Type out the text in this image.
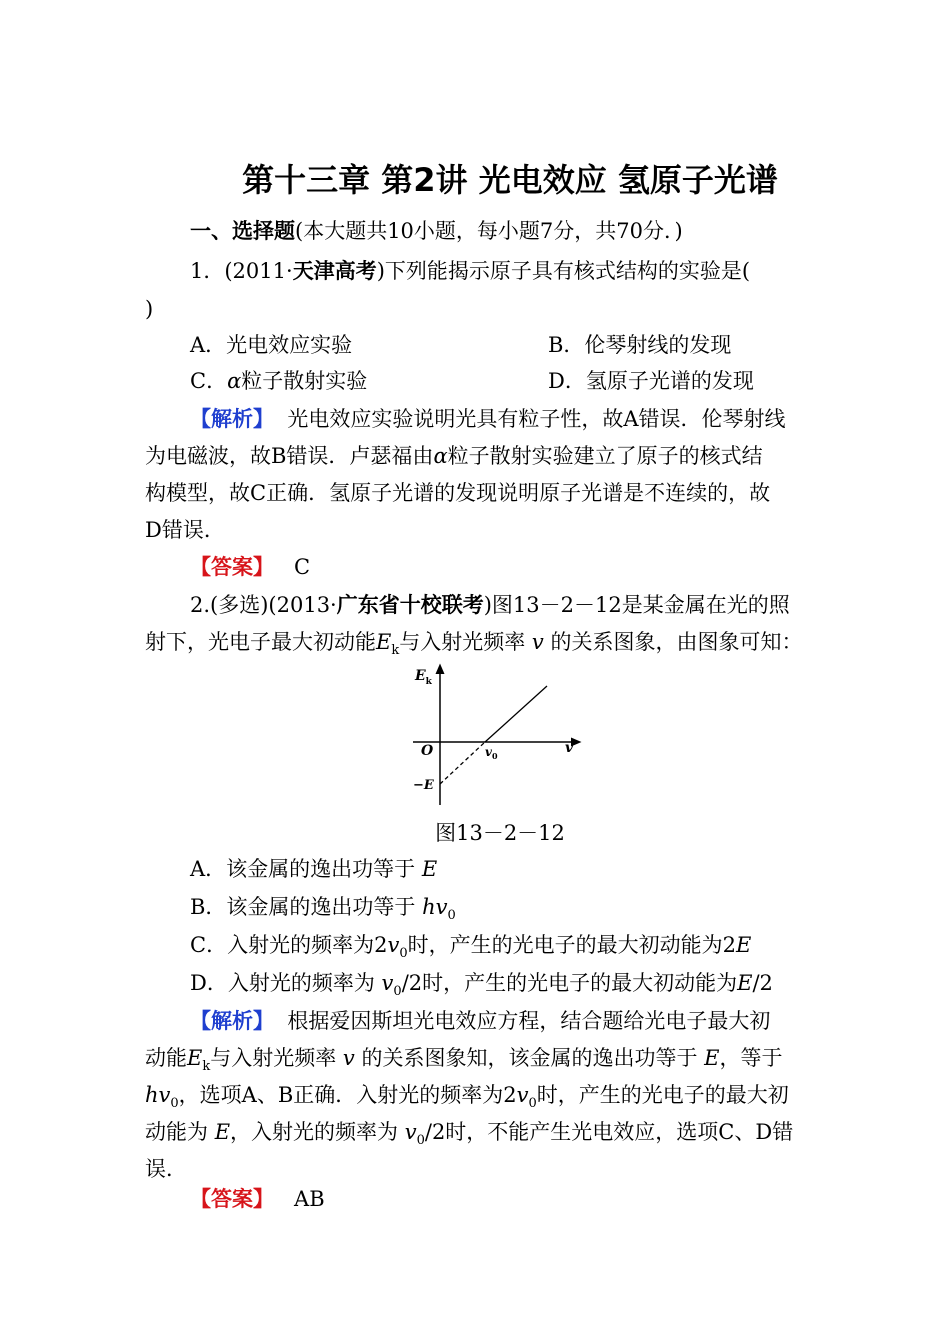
第十三章 第2讲 光电效应 氢原子光谱
一、选择题(本大题共10小题，每小题7分，共70分．)
1．(2011·天津高考)下列能揭示原子具有核式结构的实验是(
)
A．光电效应实验	B．伦琴射线的发现
C．α粒子散射实验	D．氢原子光谱的发现
【解析】 光电效应实验说明光具有粒子性，故A错误．伦琴射线
为电磁波，故B错误．卢瑟福由α粒子散射实验建立了原子的核式结
构模型，故C正确．氢原子光谱的发现说明原子光谱是不连续的，故
D错误．
【答案】 C
2.(多选)(2013·广东省十校联考)图13－2－12是某金属在光的照
射下，光电子最大初动能$E_k$与入射光频率 v 的关系图象，由图象可知：
$E_k$
O	v
$v_0$
−E
图13－2－12
A．该金属的逸出功等于 E
B．该金属的逸出功等于 $hv_0$
C．入射光的频率为$2v_0$时，产生的光电子的最大初动能为2E
D．入射光的频率为 $v_0/2$时，产生的光电子的最大初动能为E/2
【解析】 根据爱因斯坦光电效应方程，结合题给光电子最大初
动能$E_k$与入射光频率 v 的关系图象知，该金属的逸出功等于 E，等于
$hv_0$，选项A、B正确．入射光的频率为$2v_0$时，产生的光电子的最大初
动能为 E，入射光的频率为 $v_0/2$时，不能产生光电效应，选项C、D错
误．
【答案】 AB
